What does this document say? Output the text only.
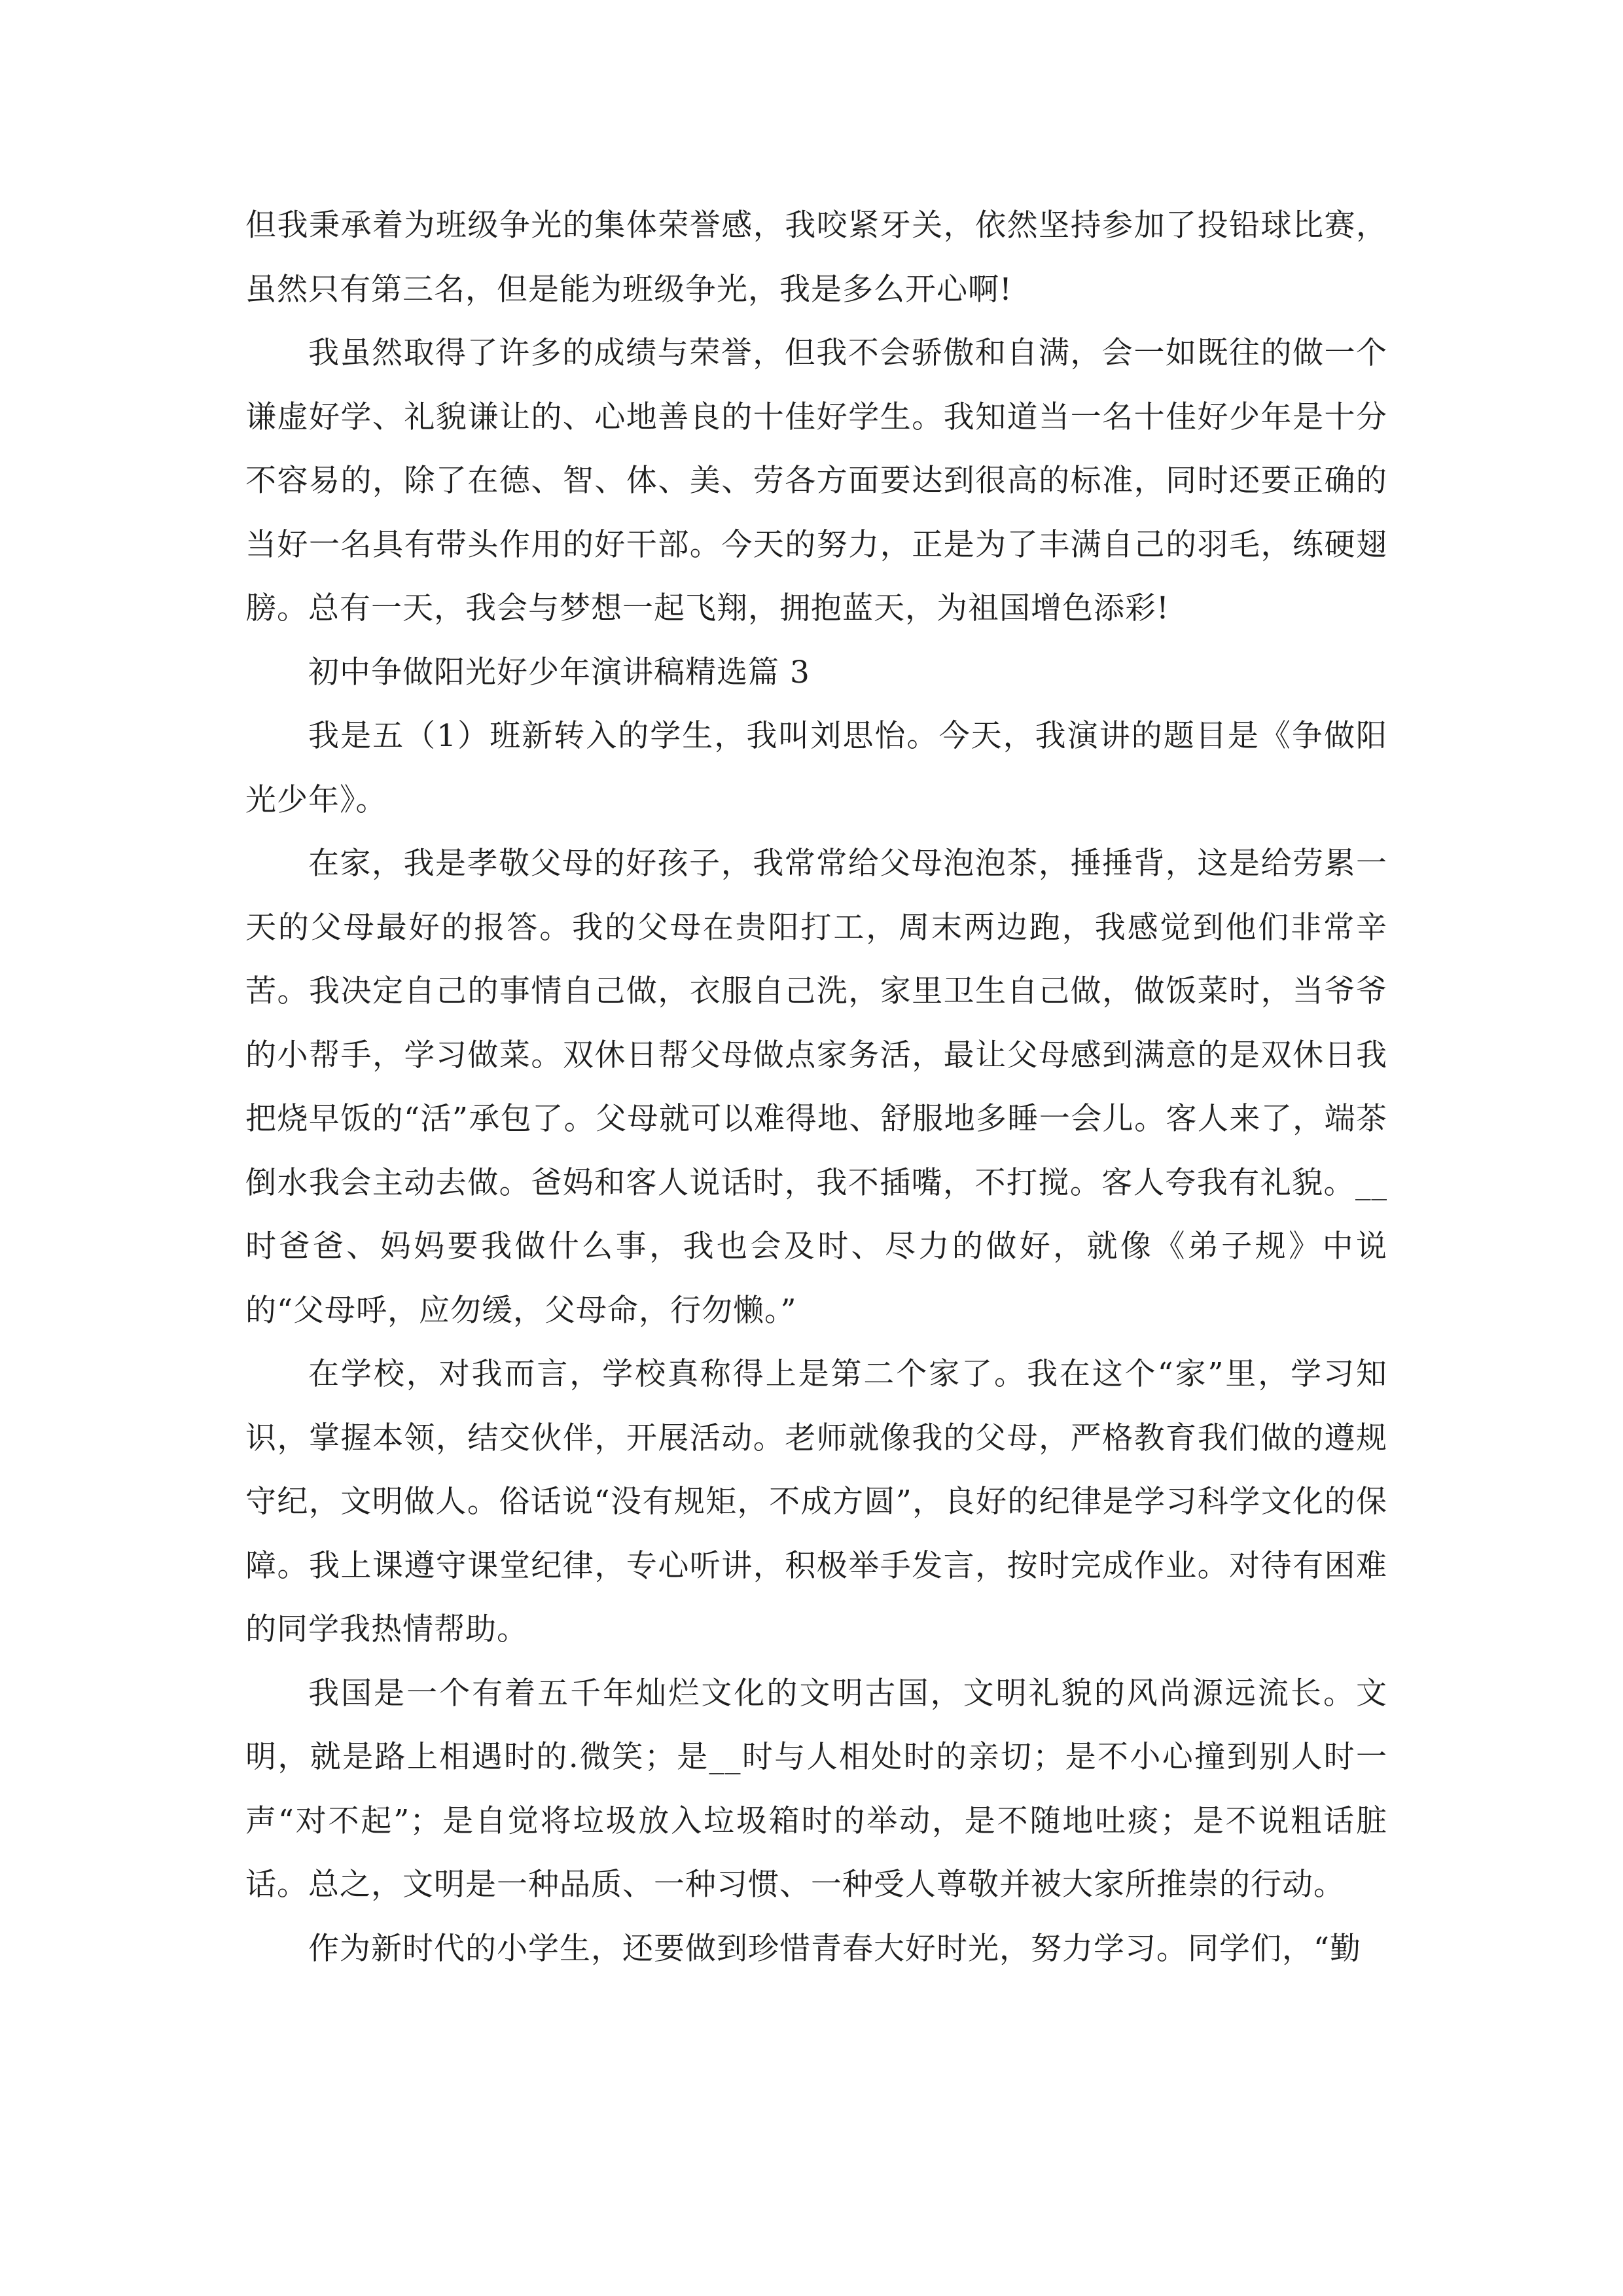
但我秉承着为班级争光的集体荣誉感，我咬紧牙关，依然坚持参加了投铅球比赛，虽然只有第三名，但是能为班级争光，我是多么开心啊!

我虽然取得了许多的成绩与荣誉，但我不会骄傲和自满，会一如既往的做一个谦虚好学、礼貌谦让的、心地善良的十佳好学生。我知道当一名十佳好少年是十分不容易的，除了在德、智、体、美、劳各方面要达到很高的标准，同时还要正确的当好一名具有带头作用的好干部。今天的努力，正是为了丰满自己的羽毛，练硬翅膀。总有一天，我会与梦想一起飞翔，拥抱蓝天，为祖国增色添彩!

初中争做阳光好少年演讲稿精选篇 3

我是五（1）班新转入的学生，我叫刘思怡。今天，我演讲的题目是《争做阳光少年》。

在家，我是孝敬父母的好孩子，我常常给父母泡泡茶，捶捶背，这是给劳累一天的父母最好的报答。我的父母在贵阳打工，周末两边跑，我感觉到他们非常辛苦。我决定自己的事情自己做，衣服自己洗，家里卫生自己做，做饭菜时，当爷爷的小帮手，学习做菜。双休日帮父母做点家务活，最让父母感到满意的是双休日我把烧早饭的“活”承包了。父母就可以难得地、舒服地多睡一会儿。客人来了，端茶倒水我会主动去做。爸妈和客人说话时，我不插嘴，不打搅。客人夸我有礼貌。__时爸爸、妈妈要我做什么事，我也会及时、尽力的做好，就像《弟子规》中说的“父母呼，应勿缓，父母命，行勿懒。”

在学校，对我而言，学校真称得上是第二个家了。我在这个“家”里，学习知识，掌握本领，结交伙伴，开展活动。老师就像我的父母，严格教育我们做的遵规守纪，文明做人。俗话说“没有规矩，不成方圆”，良好的纪律是学习科学文化的保障。我上课遵守课堂纪律，专心听讲，积极举手发言，按时完成作业。对待有困难的同学我热情帮助。

我国是一个有着五千年灿烂文化的文明古国，文明礼貌的风尚源远流长。文明，就是路上相遇时的.微笑；是__时与人相处时的亲切；是不小心撞到别人时一声“对不起”；是自觉将垃圾放入垃圾箱时的举动，是不随地吐痰；是不说粗话脏话。总之，文明是一种品质、一种习惯、一种受人尊敬并被大家所推崇的行动。

作为新时代的小学生，还要做到珍惜青春大好时光，努力学习。同学们，“勤
